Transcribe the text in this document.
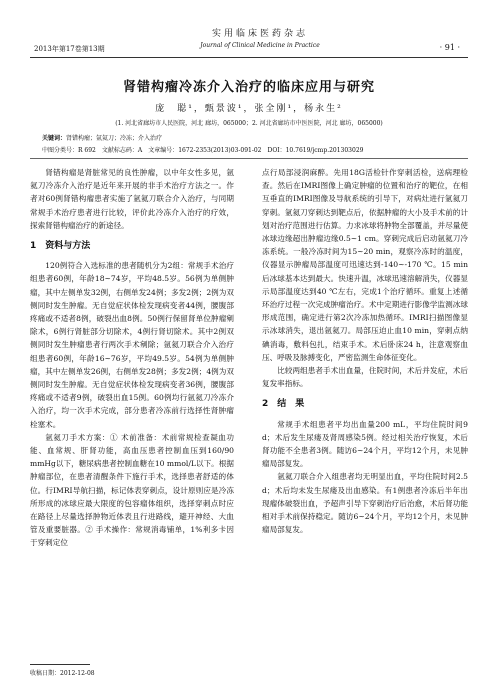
2013年第17卷第13期
实用临床医药杂志
Journal of Clinical Medicine in Practice	· 91 ·
肾错构瘤冷冻介入治疗的临床应用与研究
庞　聪¹，甄景波¹，张全刚¹，杨永生²
(1. 河北省廊坊市人民医院，河北 廊坊，065000；2. 河北省廊坊市中医医院，河北 廊坊，065000)
关键词：肾错构瘤；氩氦刀；冷冻；介入治疗
中图分类号：R 692　文献标志码：A　文章编号：1672-2353(2013)03-091-02　DOI：10.7619/jcmp.201303029

肾错构瘤是肾脏常见的良性肿瘤，以中年女性多见，氩氦刀冷冻介入治疗是近年来开展的非手术治疗方法之一。作者对60例肾错构瘤患者实施了氩氦刀联合介入治疗，与同期常规手术治疗患者进行比较，评价此冷冻介入治疗的疗效，探索肾错构瘤治疗的新途径。

1　资料与方法

120例符合入选标准的患者随机分为2组：常规手术治疗组患者60例，年龄18~74岁，平均48.5岁。56例为单侧肿瘤，其中左侧单发32例，右侧单发24例；多发2例；2例为双侧同时发生肿瘤。无自觉症状体检发现病变者44例，腰腹部疼痛或不适者8例，破裂出血8例。50例行保留肾单位肿瘤剜除术，6例行肾脏部分切除术，4例行肾切除术。其中2例双侧同时发生肿瘤患者行两次手术剜除；氩氦刀联合介入治疗组患者60例，年龄16~76岁，平均49.5岁。54例为单侧肿瘤，其中左侧单发26例，右侧单发28例；多发2例；4例为双侧同时发生肿瘤。无自觉症状体检发现病变者36例，腰腹部疼痛或不适者9例，破裂出血15例。60例均行氩氦刀冷冻介入治疗，均一次手术完成，部分患者冷冻前行选择性肾肿瘤栓塞术。

氩氦刀手术方案：① 术前准备：术前常规检查凝血功能、血常规、肝肾功能，高血压患者控制血压到160/90 mmHg以下，糖尿病患者控制血糖在10 mmol/L以下。根据肿瘤部位，在患者清醒条件下施行手术，选择患者舒适的体位。行IMRI导航扫描，标记体表穿刺点，设计原则应是冷冻所形成的冰球应最大限度的包容瘤体组织，选择穿刺点时应在路径上尽量选择肿物近体表且行进路线，避开神经、大血管及重要脏器。② 手术操作：常规消毒铺单，1%利多卡因于穿刺定位

点行局部浸润麻醉。先用18G活检针作穿刺活检，送病理检查。然后在IMRI图像上确定肿瘤的位置和治疗的靶位，在相互垂直的IMRI图像及导航系统的引导下，对病灶进行氩氦刀穿刺。氩氦刀穿刺达到靶点后，依据肿瘤的大小及手术前的计划对治疗范围进行估算。力求冰球将肿物全部覆盖，并尽量使冰球边缘超出肿瘤边缘0.5~1 cm。穿刺完成后启动氩氦刀冷冻系统。一般冷冻时间为15~20 min，观察冷冻时的温度，仪器显示肿瘤局部温度可迅速达到-140~-170 ℃。15 min后冰球基本达到最大。快速升温，冰球迅速溶解消失，仪器显示局部温度达到40 ℃左右，完成1个治疗循环。重复上述循环治疗过程一次完成肿瘤治疗。术中定期进行影像学监测冰球形成范围，确定进行第2次冷冻加热循环。IMRI扫描图像显示冰球消失，退出氩氦刀。局部压迫止血10 min，穿刺点纳碘消毒，敷料包扎，结束手术。术后卧床24 h，注意观察血压、呼吸及脉搏变化，严密监测生命体征变化。

比较两组患者手术出血量，住院时间，术后并发症，术后复发率指标。

2　结　果

常规手术组患者平均出血量200 mL，平均住院时间9 d；术后发生尿瘘及肾周感染5例。经过相关治疗恢复，术后肾功能不全患者3例。随访6~24个月，平均12个月，未见肿瘤局部复发。

氩氦刀联合介入组患者均无明显出血，平均住院时间2.5 d；术后均未发生尿瘘及出血感染。有1例患者冷冻后半年出现瘤体破裂出血，予超声引导下穿刺治疗后治愈，术后肾功能相对手术前保持稳定。随访6~24个月，平均12个月，未见肿瘤局部复发。

收稿日期：2012-12-08
